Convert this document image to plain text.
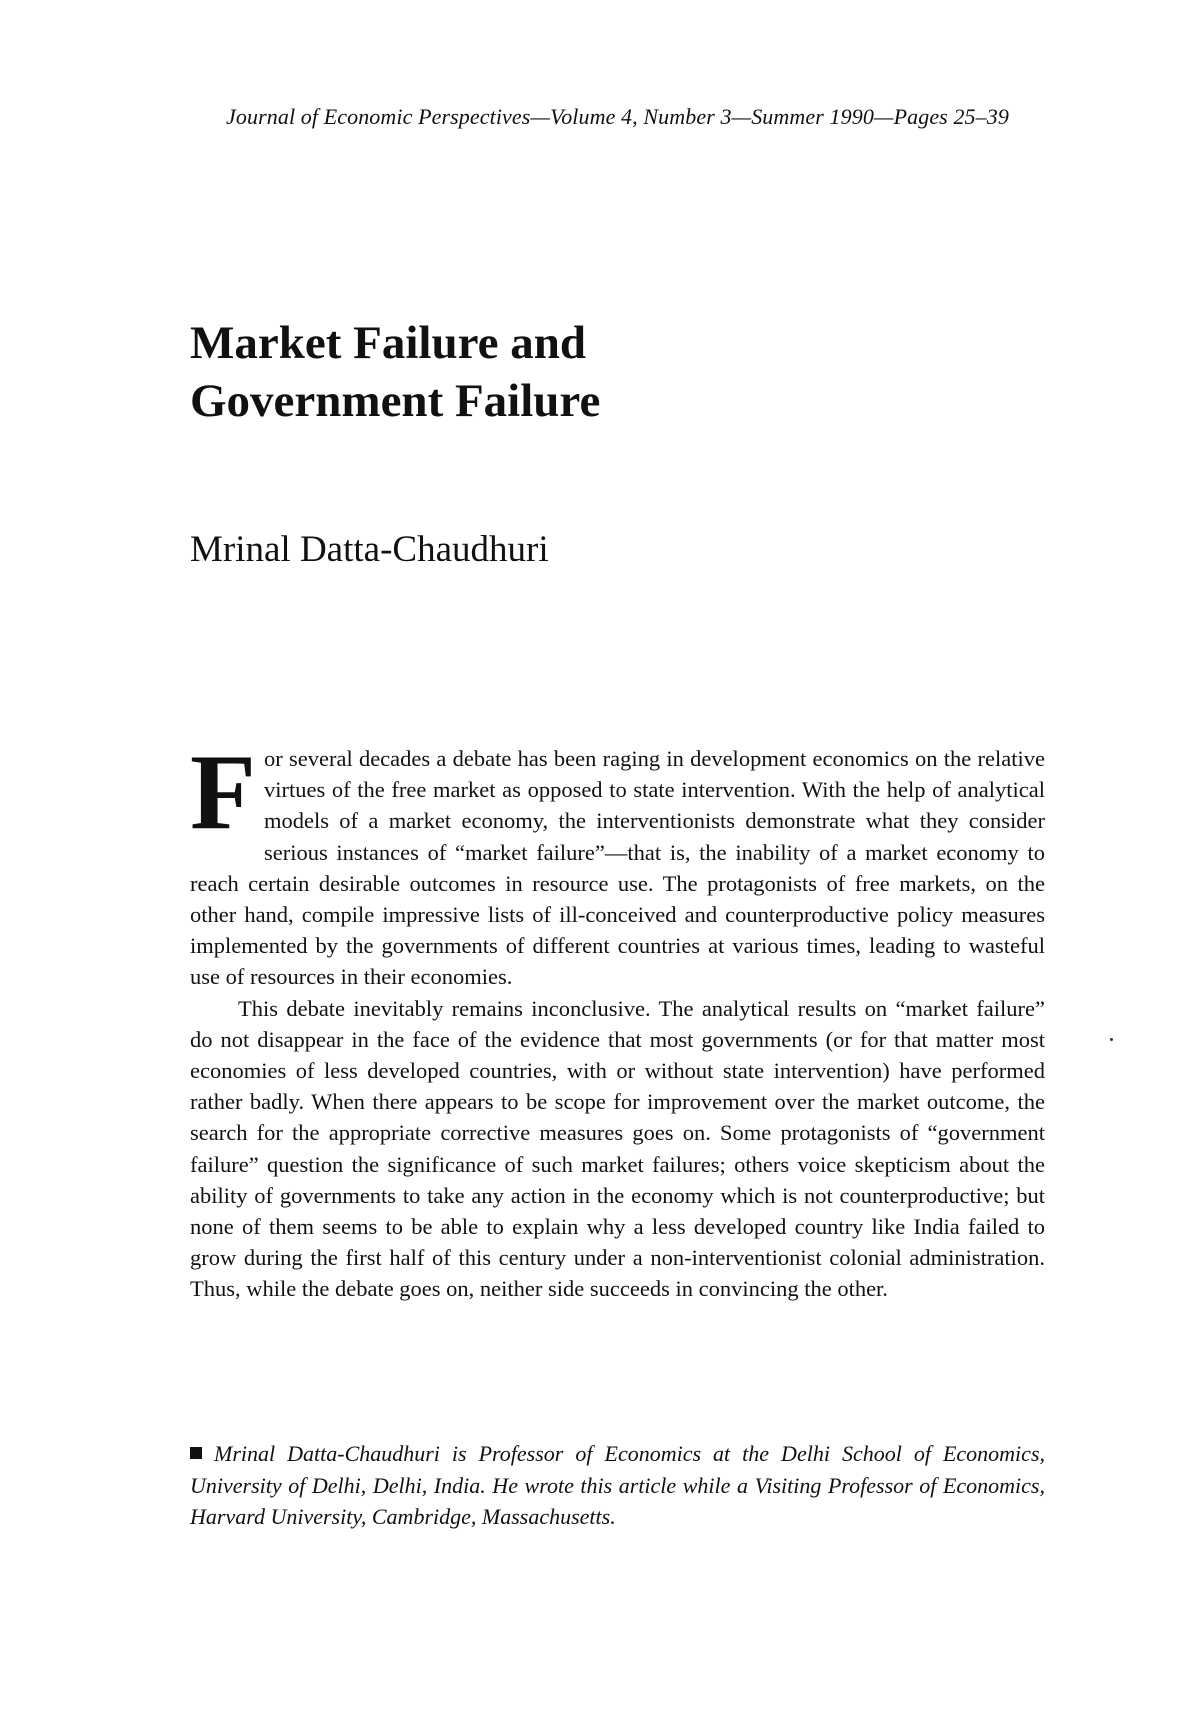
Journal of Economic Perspectives—Volume 4, Number 3—Summer 1990—Pages 25–39
Market Failure and
Government Failure
Mrinal Datta-Chaudhuri

For several decades a debate has been raging in development economics on the relative virtues of the free market as opposed to state intervention. With the help of analytical models of a market economy, the interventionists demonstrate what they consider serious instances of “market failure”—that is, the inability of a market economy to reach certain desirable outcomes in resource use. The protagonists of free markets, on the other hand, compile impressive lists of ill-conceived and counterproductive policy measures implemented by the governments of different countries at various times, leading to wasteful use of resources in their economies.

This debate inevitably remains inconclusive. The analytical results on “market failure” do not disappear in the face of the evidence that most governments (or for that matter most economies of less developed countries, with or without state intervention) have performed rather badly. When there appears to be scope for improvement over the market outcome, the search for the appropriate corrective measures goes on. Some protagonists of “government failure” question the significance of such market failures; others voice skepticism about the ability of governments to take any action in the economy which is not counterproductive; but none of them seems to be able to explain why a less developed country like India failed to grow during the first half of this century under a non-interventionist colonial administration. Thus, while the debate goes on, neither side succeeds in convincing the other.

Mrinal Datta-Chaudhuri is Professor of Economics at the Delhi School of Economics, University of Delhi, Delhi, India. He wrote this article while a Visiting Professor of Economics, Harvard University, Cambridge, Massachusetts.
